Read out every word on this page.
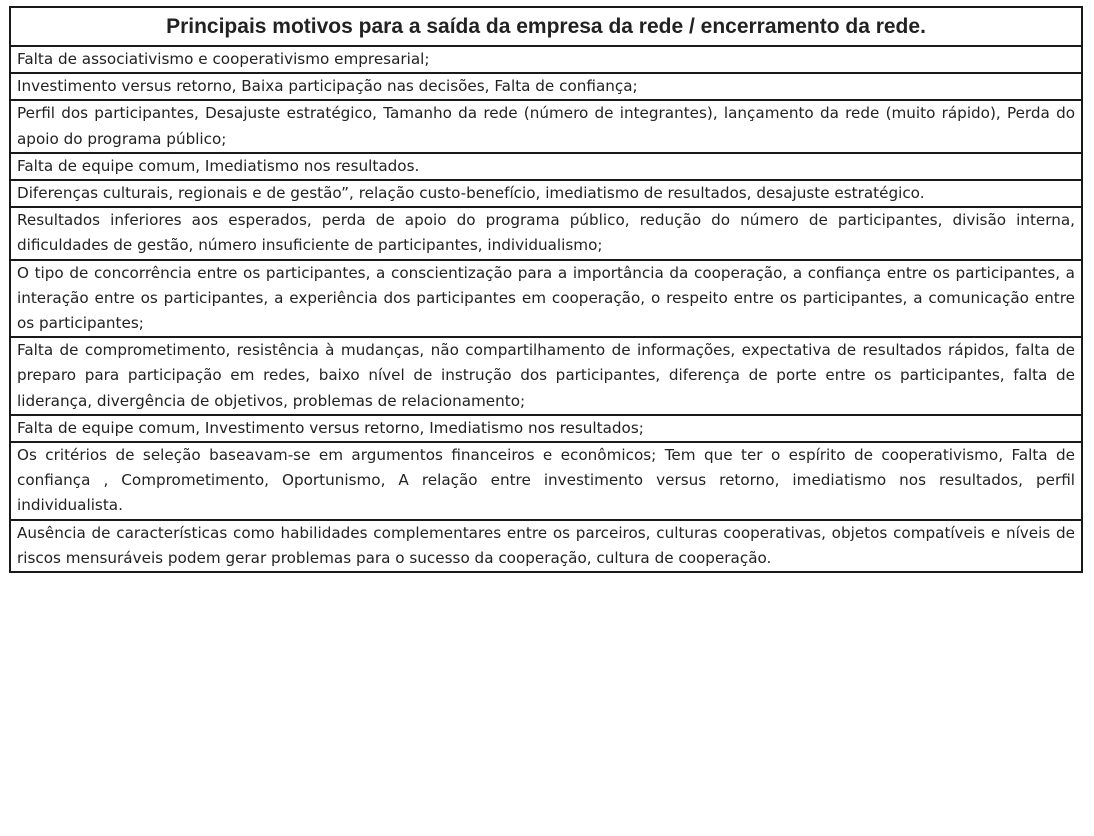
Principais motivos para a saída da empresa da rede / encerramento da rede.
Falta de associativismo e cooperativismo empresarial;
Investimento versus retorno, Baixa participação nas decisões, Falta de confiança;
Perfil dos participantes, Desajuste estratégico, Tamanho da rede (número de integrantes), lançamento da rede (muito rápido), Perda do apoio do programa público;
Falta de equipe comum, Imediatismo nos resultados.
Diferenças culturais, regionais e de gestão”, relação custo-benefício, imediatismo de resultados, desajuste estratégico.
Resultados inferiores aos esperados, perda de apoio do programa público, redução do número de participantes, divisão interna, dificuldades de gestão, número insuficiente de participantes, individualismo;
O tipo de concorrência entre os participantes, a conscientização para a importância da cooperação, a confiança entre os participantes, a interação entre os participantes, a experiência dos participantes em cooperação, o respeito entre os participantes, a comunicação entre os participantes;
Falta de comprometimento, resistência à mudanças, não compartilhamento de informações, expectativa de resultados rápidos, falta de preparo para participação em redes, baixo nível de instrução dos participantes, diferença de porte entre os participantes, falta de liderança, divergência de objetivos, problemas de relacionamento;
Falta de equipe comum, Investimento versus retorno, Imediatismo nos resultados;
Os critérios de seleção baseavam-se em argumentos financeiros e econômicos; Tem que ter o espírito de cooperativismo, Falta de confiança , Comprometimento, Oportunismo, A relação entre investimento versus retorno, imediatismo nos resultados, perfil individualista.
Ausência de características como habilidades complementares entre os parceiros, culturas cooperativas, objetos compatíveis e níveis de riscos mensuráveis podem gerar problemas para o sucesso da cooperação, cultura de cooperação.
